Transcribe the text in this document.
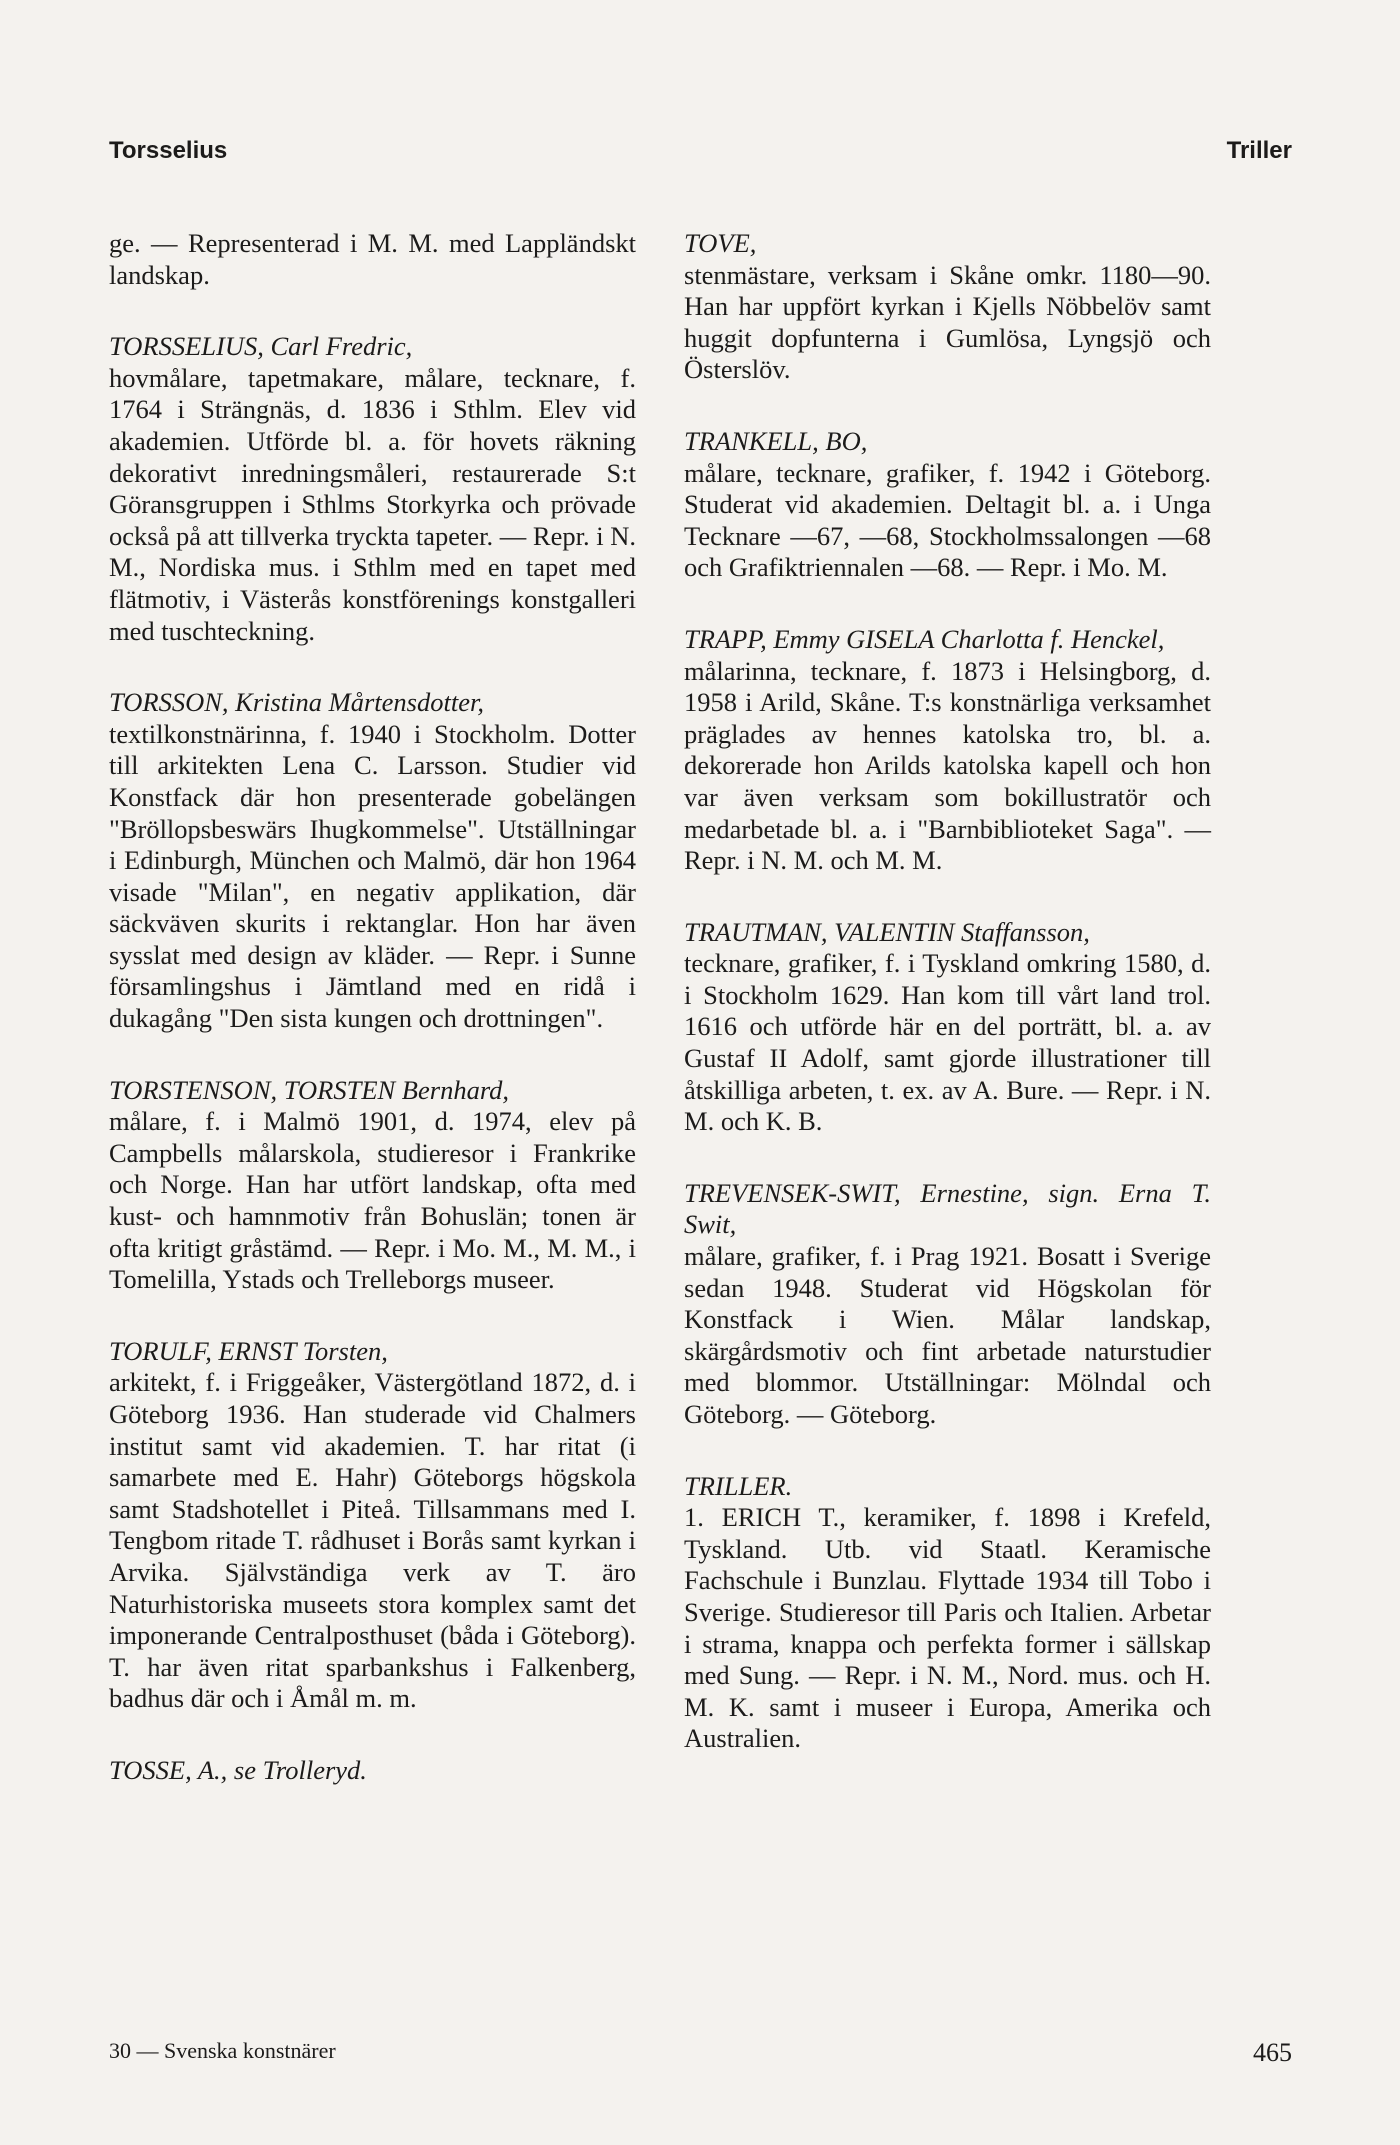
Torsselius	Triller
ge. — Representerad i M. M. med Lappländskt landskap.
TORSSELIUS, Carl Fredric,
hovmålare, tapetmakare, målare, tecknare, f. 1764 i Strängnäs, d. 1836 i Sthlm. Elev vid akademien. Utförde bl. a. för hovets räkning dekorativt inredningsmåleri, restaurerade S:t Göransgruppen i Sthlms Storkyrka och prövade också på att tillverka tryckta tapeter. — Repr. i N. M., Nordiska mus. i Sthlm med en tapet med flätmotiv, i Västerås konstförenings konstgalleri med tuschteckning.
TORSSON, Kristina Mårtensdotter,
textilkonstnärinna, f. 1940 i Stockholm. Dotter till arkitekten Lena C. Larsson. Studier vid Konstfack där hon presenterade gobelängen "Bröllopsbeswärs Ihugkommelse". Utställningar i Edinburgh, München och Malmö, där hon 1964 visade "Milan", en negativ applikation, där säckväven skurits i rektanglar. Hon har även sysslat med design av kläder. — Repr. i Sunne församlingshus i Jämtland med en ridå i dukagång "Den sista kungen och drottningen".
TORSTENSON, TORSTEN Bernhard,
målare, f. i Malmö 1901, d. 1974, elev på Campbells målarskola, studieresor i Frankrike och Norge. Han har utfört landskap, ofta med kust- och hamnmotiv från Bohuslän; tonen är ofta kritigt gråstämd. — Repr. i Mo. M., M. M., i Tomelilla, Ystads och Trelleborgs museer.
TORULF, ERNST Torsten,
arkitekt, f. i Friggeåker, Västergötland 1872, d. i Göteborg 1936. Han studerade vid Chalmers institut samt vid akademien. T. har ritat (i samarbete med E. Hahr) Göteborgs högskola samt Stadshotellet i Piteå. Tillsammans med I. Tengbom ritade T. rådhuset i Borås samt kyrkan i Arvika. Självständiga verk av T. äro Naturhistoriska museets stora komplex samt det imponerande Centralposthuset (båda i Göteborg). T. har även ritat sparbankshus i Falkenberg, badhus där och i Åmål m. m.
TOSSE, A., se Trolleryd.
TOVE,
stenmästare, verksam i Skåne omkr. 1180—90. Han har uppfört kyrkan i Kjells Nöbbelöv samt huggit dopfunterna i Gumlösa, Lyngsjö och Österslöv.
TRANKELL, BO,
målare, tecknare, grafiker, f. 1942 i Göteborg. Studerat vid akademien. Deltagit bl. a. i Unga Tecknare —67, —68, Stockholmssalongen —68 och Grafiktriennalen —68. — Repr. i Mo. M.
TRAPP, Emmy GISELA Charlotta f. Henckel,
målarinna, tecknare, f. 1873 i Helsingborg, d. 1958 i Arild, Skåne. T:s konstnärliga verksamhet präglades av hennes katolska tro, bl. a. dekorerade hon Arilds katolska kapell och hon var även verksam som bokillustratör och medarbetade bl. a. i "Barnbiblioteket Saga". — Repr. i N. M. och M. M.
TRAUTMAN, VALENTIN Staffansson,
tecknare, grafiker, f. i Tyskland omkring 1580, d. i Stockholm 1629. Han kom till vårt land trol. 1616 och utförde här en del porträtt, bl. a. av Gustaf II Adolf, samt gjorde illustrationer till åtskilliga arbeten, t. ex. av A. Bure. — Repr. i N. M. och K. B.
TREVENSEK-SWIT, Ernestine, sign. Erna T. Swit,
målare, grafiker, f. i Prag 1921. Bosatt i Sverige sedan 1948. Studerat vid Högskolan för Konstfack i Wien. Målar landskap, skärgårdsmotiv och fint arbetade naturstudier med blommor. Utställningar: Mölndal och Göteborg. — Göteborg.
TRILLER.
1. ERICH T., keramiker, f. 1898 i Krefeld, Tyskland. Utb. vid Staatl. Keramische Fachschule i Bunzlau. Flyttade 1934 till Tobo i Sverige. Studieresor till Paris och Italien. Arbetar i strama, knappa och perfekta former i sällskap med Sung. — Repr. i N. M., Nord. mus. och H. M. K. samt i museer i Europa, Amerika och Australien.
30 — Svenska konstnärer	465
